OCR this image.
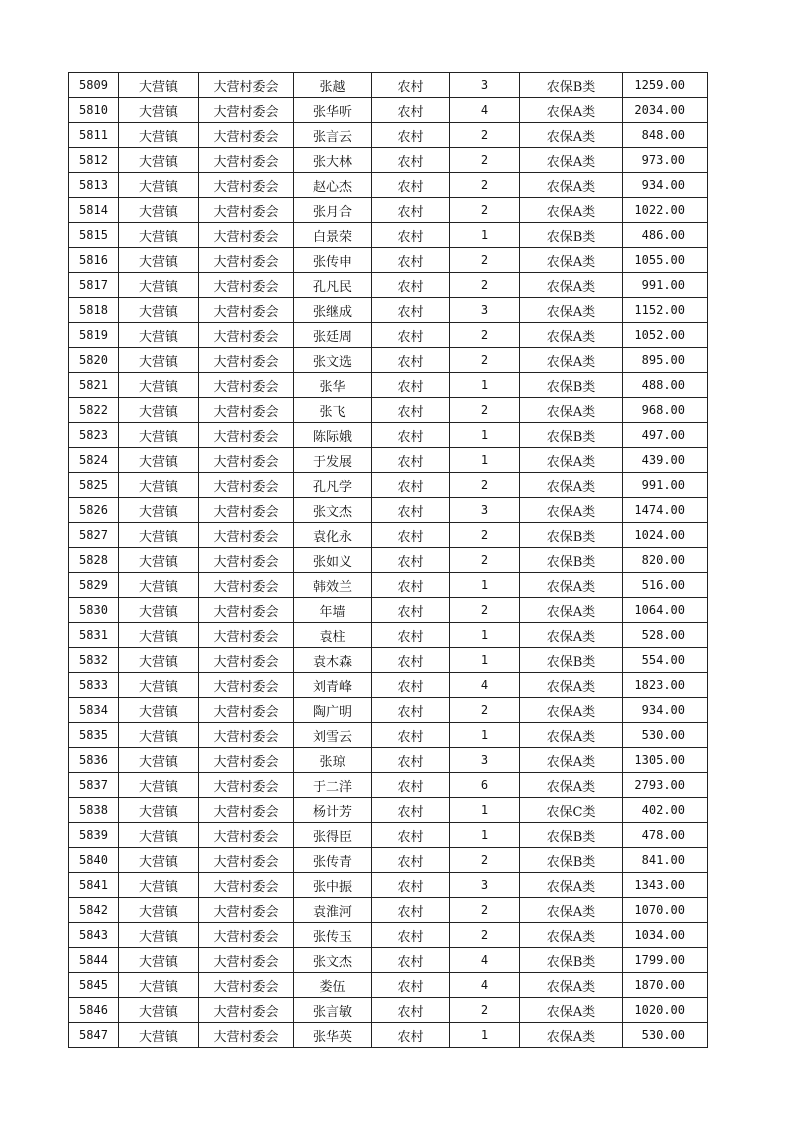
5809	大营镇	大营村委会	张越	农村	3	农保B类	1259.00
5810	大营镇	大营村委会	张华听	农村	4	农保A类	2034.00
5811	大营镇	大营村委会	张言云	农村	2	农保A类	848.00
5812	大营镇	大营村委会	张大林	农村	2	农保A类	973.00
5813	大营镇	大营村委会	赵心杰	农村	2	农保A类	934.00
5814	大营镇	大营村委会	张月合	农村	2	农保A类	1022.00
5815	大营镇	大营村委会	白景荣	农村	1	农保B类	486.00
5816	大营镇	大营村委会	张传申	农村	2	农保A类	1055.00
5817	大营镇	大营村委会	孔凡民	农村	2	农保A类	991.00
5818	大营镇	大营村委会	张继成	农村	3	农保A类	1152.00
5819	大营镇	大营村委会	张廷周	农村	2	农保A类	1052.00
5820	大营镇	大营村委会	张文选	农村	2	农保A类	895.00
5821	大营镇	大营村委会	张华	农村	1	农保B类	488.00
5822	大营镇	大营村委会	张飞	农村	2	农保A类	968.00
5823	大营镇	大营村委会	陈际娥	农村	1	农保B类	497.00
5824	大营镇	大营村委会	于发展	农村	1	农保A类	439.00
5825	大营镇	大营村委会	孔凡学	农村	2	农保A类	991.00
5826	大营镇	大营村委会	张文杰	农村	3	农保A类	1474.00
5827	大营镇	大营村委会	袁化永	农村	2	农保B类	1024.00
5828	大营镇	大营村委会	张如义	农村	2	农保B类	820.00
5829	大营镇	大营村委会	韩效兰	农村	1	农保A类	516.00
5830	大营镇	大营村委会	年墙	农村	2	农保A类	1064.00
5831	大营镇	大营村委会	袁柱	农村	1	农保A类	528.00
5832	大营镇	大营村委会	袁木森	农村	1	农保B类	554.00
5833	大营镇	大营村委会	刘青峰	农村	4	农保A类	1823.00
5834	大营镇	大营村委会	陶广明	农村	2	农保A类	934.00
5835	大营镇	大营村委会	刘雪云	农村	1	农保A类	530.00
5836	大营镇	大营村委会	张琼	农村	3	农保A类	1305.00
5837	大营镇	大营村委会	于二洋	农村	6	农保A类	2793.00
5838	大营镇	大营村委会	杨计芳	农村	1	农保C类	402.00
5839	大营镇	大营村委会	张得臣	农村	1	农保B类	478.00
5840	大营镇	大营村委会	张传青	农村	2	农保B类	841.00
5841	大营镇	大营村委会	张中振	农村	3	农保A类	1343.00
5842	大营镇	大营村委会	袁淮河	农村	2	农保A类	1070.00
5843	大营镇	大营村委会	张传玉	农村	2	农保A类	1034.00
5844	大营镇	大营村委会	张文杰	农村	4	农保B类	1799.00
5845	大营镇	大营村委会	娄伍	农村	4	农保A类	1870.00
5846	大营镇	大营村委会	张言敏	农村	2	农保A类	1020.00
5847	大营镇	大营村委会	张华英	农村	1	农保A类	530.00
